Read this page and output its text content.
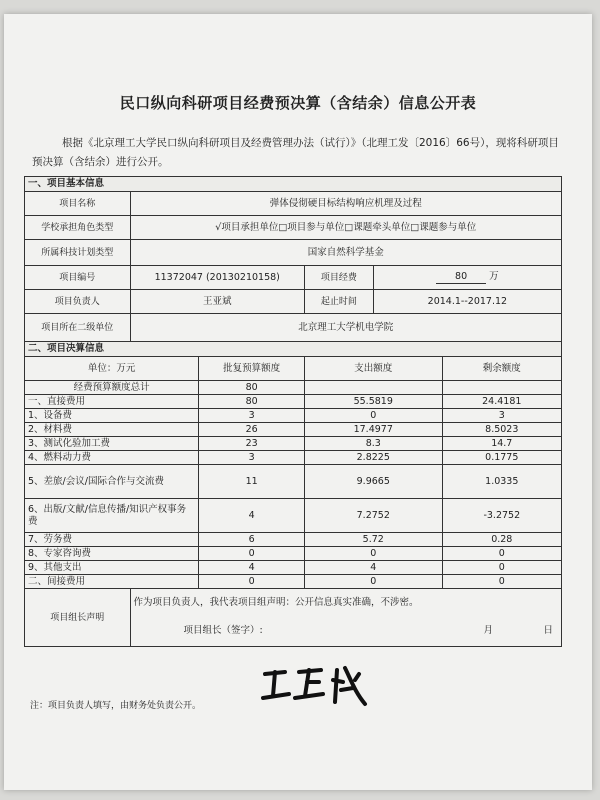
民口纵向科研项目经费预决算（含结余）信息公开表
根据《北京理工大学民口纵向科研项目及经费管理办法（试行）》（北理工发〔2016〕66号），现将科研项目预决算（含结余）进行公开。
一、项目基本信息					
项目名称	弹体侵彻硬目标结构响应机理及过程				
学校承担角色类型	√项目承担单位□项目参与单位□课题牵头单位□课题参与单位				
所属科技计划类型	国家自然科学基金				
项目编号	11372047 (20130210158)		项目经费	80 万	
项目负责人	王亚斌		起止时间	2014.1--2017.12	
项目所在二级单位	北京理工大学机电学院				
二、项目决算信息					
单位：万元		批复预算额度	支出额度		剩余额度
经费预算额度总计		80			
一、直接费用		80	55.5819		24.4181
1、设备费		3	0		3
2、材料费		26	17.4977		8.5023
3、测试化验加工费		23	8.3		14.7
4、燃料动力费		3	2.8225		0.1775
5、差旅/会议/国际合作与交流费		11	9.9665		1.0335
6、出版/文献/信息传播/知识产权事务费		4	7.2752		-3.2752
7、劳务费		6	5.72		0.28
8、专家咨询费		0	0		0
9、其他支出		4	4		0
二、间接费用		0	0		0
项目组长声明	作为项目负责人，我代表项目组声明：公开信息真实准确，不涉密。
项目组长（签字）: 月 日				
注：项目负责人填写，由财务处负责公开。
